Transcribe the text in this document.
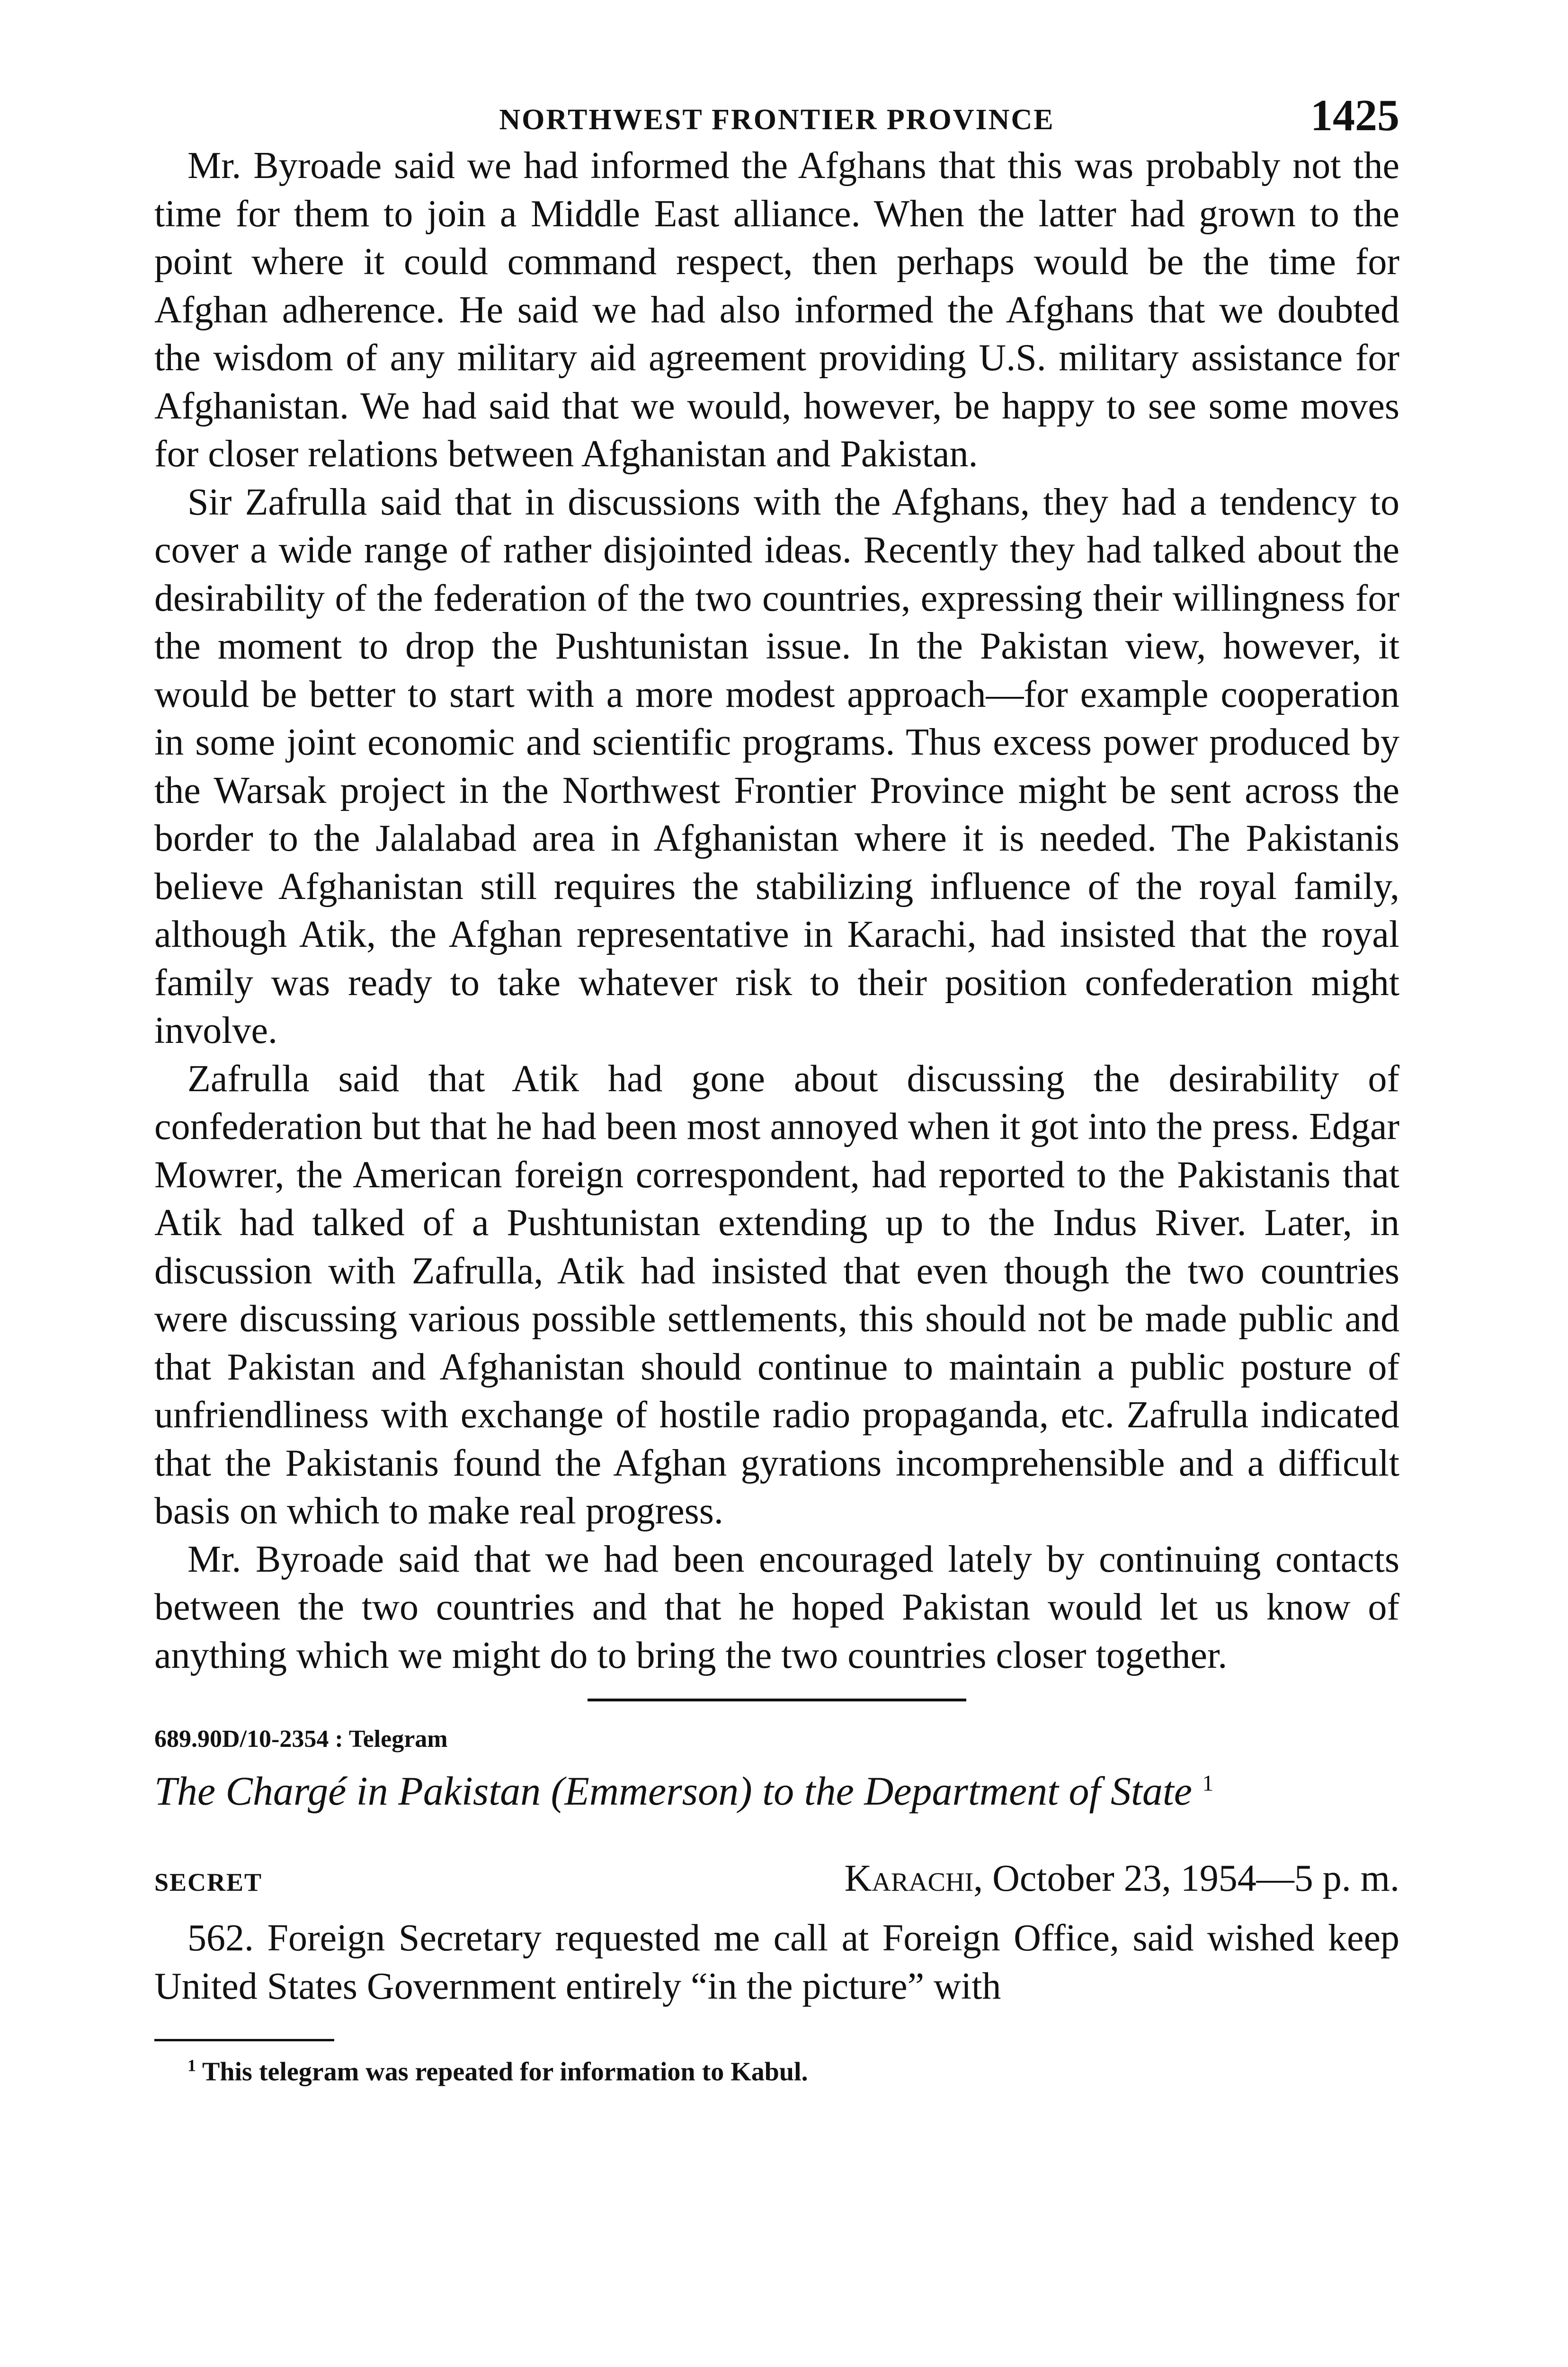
NORTHWEST FRONTIER PROVINCE	1425

Mr. Byroade said we had informed the Afghans that this was probably not the time for them to join a Middle East alliance. When the latter had grown to the point where it could command respect, then perhaps would be the time for Afghan adherence. He said we had also informed the Afghans that we doubted the wisdom of any military aid agreement providing U.S. military assistance for Afghanistan. We had said that we would, however, be happy to see some moves for closer relations between Afghanistan and Pakistan.

Sir Zafrulla said that in discussions with the Afghans, they had a tendency to cover a wide range of rather disjointed ideas. Recently they had talked about the desirability of the federation of the two countries, expressing their willingness for the moment to drop the Pushtunistan issue. In the Pakistan view, however, it would be better to start with a more modest approach—for example cooperation in some joint economic and scientific programs. Thus excess power produced by the Warsak project in the Northwest Frontier Province might be sent across the border to the Jalalabad area in Afghanistan where it is needed. The Pakistanis believe Afghanistan still requires the stabilizing influence of the royal family, although Atik, the Afghan representative in Karachi, had insisted that the royal family was ready to take whatever risk to their position confederation might involve.

Zafrulla said that Atik had gone about discussing the desirability of confederation but that he had been most annoyed when it got into the press. Edgar Mowrer, the American foreign correspondent, had reported to the Pakistanis that Atik had talked of a Pushtunistan extending up to the Indus River. Later, in discussion with Zafrulla, Atik had insisted that even though the two countries were discussing various possible settlements, this should not be made public and that Pakistan and Afghanistan should continue to maintain a public posture of unfriendliness with exchange of hostile radio propaganda, etc. Zafrulla indicated that the Pakistanis found the Afghan gyrations incomprehensible and a difficult basis on which to make real progress.

Mr. Byroade said that we had been encouraged lately by continuing contacts between the two countries and that he hoped Pakistan would let us know of anything which we might do to bring the two countries closer together.

689.90D/10-2354 : Telegram
The Chargé in Pakistan (Emmerson) to the Department of State $^1$
SECRET	Karachi, October 23, 1954—5 p. m.

562. Foreign Secretary requested me call at Foreign Office, said wished keep United States Government entirely “in the picture” with

$^1$ This telegram was repeated for information to Kabul.
